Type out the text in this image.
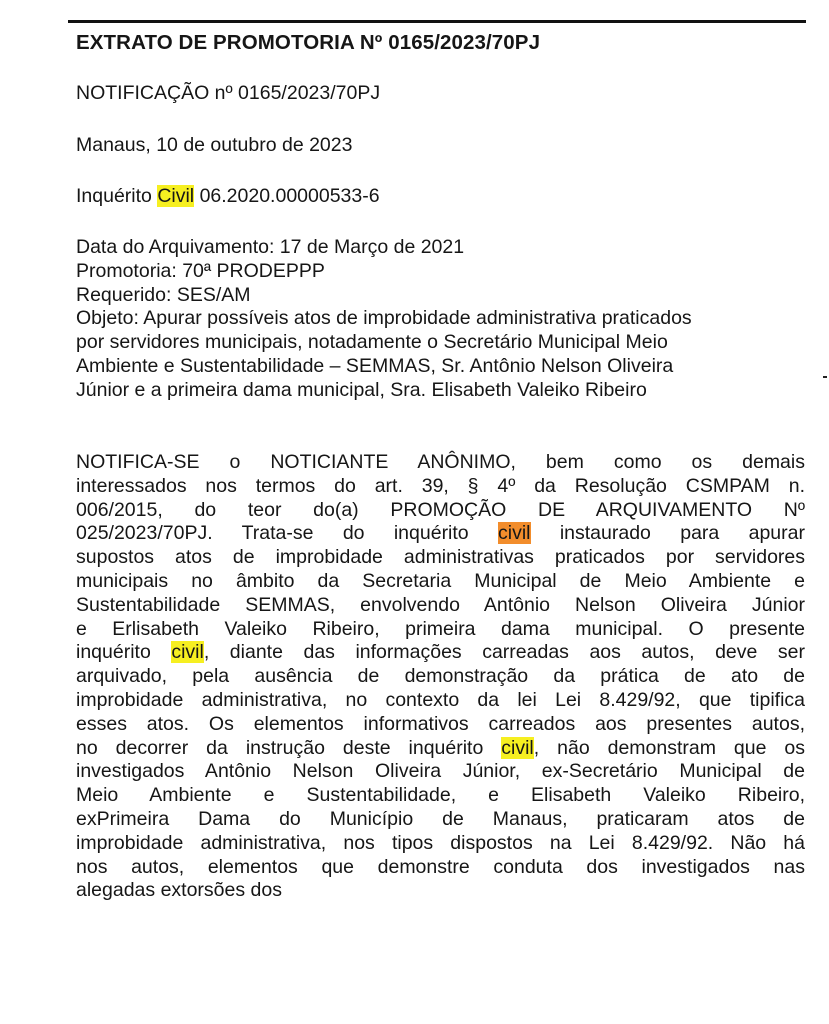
EXTRATO DE PROMOTORIA Nº 0165/2023/70PJ

NOTIFICAÇÃO nº 0165/2023/70PJ

Manaus, 10 de outubro de 2023

Inquérito Civil 06.2020.00000533-6

Data do Arquivamento: 17 de Março de 2021
Promotoria: 70ª PRODEPPP
Requerido: SES/AM
Objeto: Apurar possíveis atos de improbidade administrativa praticados
por servidores municipais, notadamente o Secretário Municipal Meio
Ambiente e Sustentabilidade – SEMMAS, Sr. Antônio Nelson Oliveira
Júnior e a primeira dama municipal, Sra. Elisabeth Valeiko Ribeiro
NOTIFICA-SE o NOTICIANTE ANÔNIMO, bem como os demais
interessados nos termos do art. 39, § 4º da Resolução CSMPAM n.
006/2015, do teor do(a) PROMOÇÃO DE ARQUIVAMENTO Nº
025/2023/70PJ. Trata-se do inquérito civil instaurado para apurar
supostos atos de improbidade administrativas praticados por servidores
municipais no âmbito da Secretaria Municipal de Meio Ambiente e
Sustentabilidade SEMMAS, envolvendo Antônio Nelson Oliveira Júnior
e Erlisabeth Valeiko Ribeiro, primeira dama municipal. O presente
inquérito civil, diante das informações carreadas aos autos, deve ser
arquivado, pela ausência de demonstração da prática de ato de
improbidade administrativa, no contexto da lei Lei 8.429/92, que tipifica
esses atos. Os elementos informativos carreados aos presentes autos,
no decorrer da instrução deste inquérito civil, não demonstram que os
investigados Antônio Nelson Oliveira Júnior, ex-Secretário Municipal de
Meio Ambiente e Sustentabilidade, e Elisabeth Valeiko Ribeiro,
exPrimeira Dama do Município de Manaus, praticaram atos de
improbidade administrativa, nos tipos dispostos na Lei 8.429/92. Não há
nos autos, elementos que demonstre conduta dos investigados nas
alegadas extorsões dos
